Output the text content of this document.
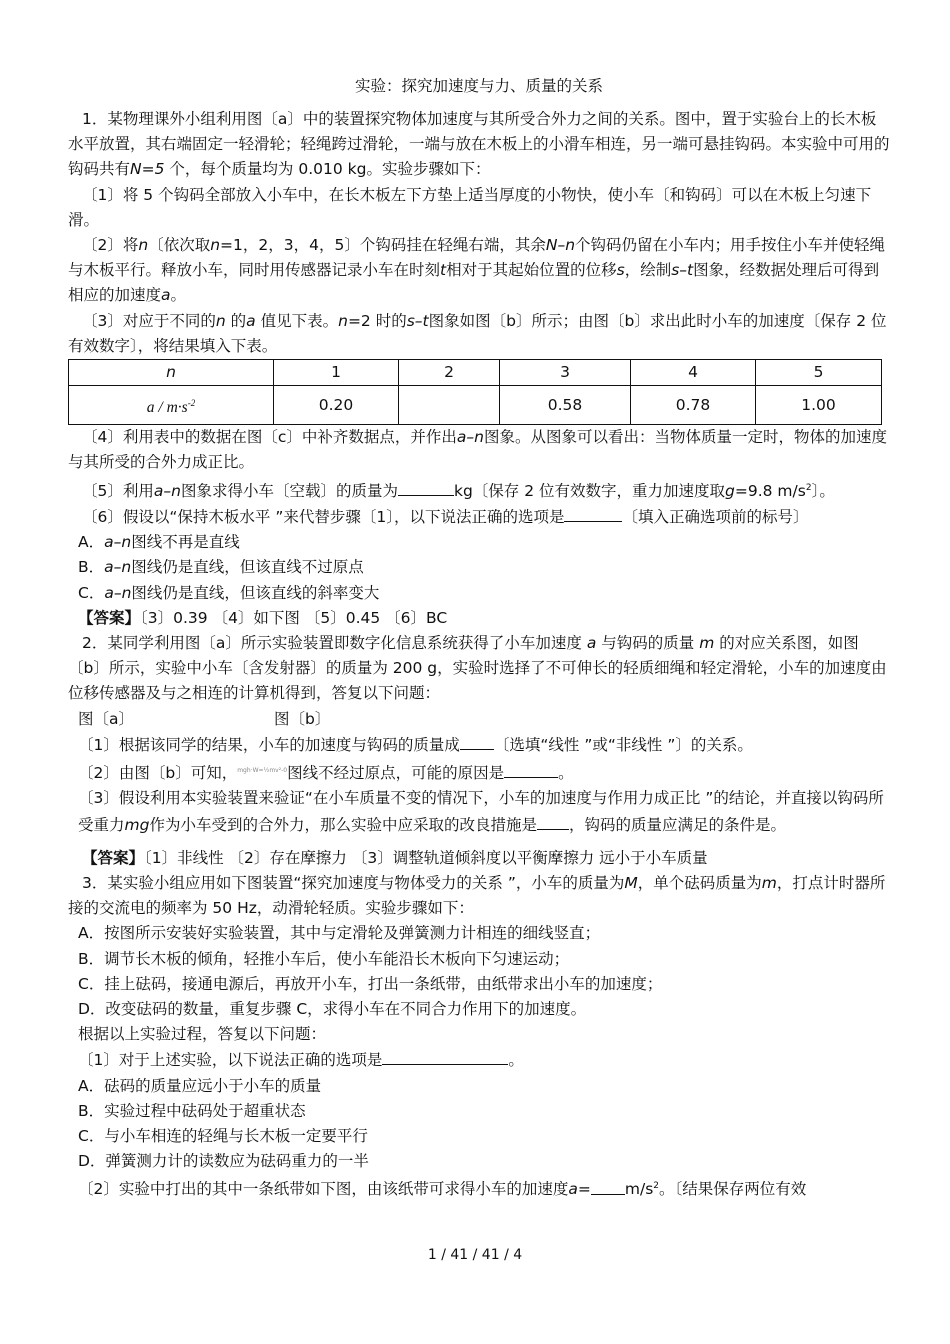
实验：探究加速度与力、质量的关系

1．某物理课外小组利用图〔a〕中的装置探究物体加速度与其所受合外力之间的关系。图中，置于实验台上的长木板水平放置，其右端固定一轻滑轮；轻绳跨过滑轮，一端与放在木板上的小滑车相连，另一端可悬挂钩码。本实验中可用的钩码共有N=5 个，每个质量均为 0.010 kg。实验步骤如下：

〔1〕将 5 个钩码全部放入小车中，在长木板左下方垫上适当厚度的小物快，使小车〔和钩码〕可以在木板上匀速下滑。

〔2〕将n〔依次取n=1，2，3，4，5〕个钩码挂在轻绳右端，其余N–n个钩码仍留在小车内；用手按住小车并使轻绳与木板平行。释放小车，同时用传感器记录小车在时刻t相对于其起始位置的位移s，绘制s–t图象，经数据处理后可得到相应的加速度a。

〔3〕对应于不同的n 的a 值见下表。n=2 时的s–t图象如图〔b〕所示；由图〔b〕求出此时小车的加速度〔保存 2 位有效数字〕，将结果填入下表。

n	1	2	3	4	5
$a / m\cdot s^{-2}$	0.20		0.58	0.78	1.00

〔4〕利用表中的数据在图〔c〕中补齐数据点，并作出a–n图象。从图象可以看出：当物体质量一定时，物体的加速度与其所受的合外力成正比。

〔5〕利用a–n图象求得小车〔空载〕的质量为	kg〔保存 2 位有效数字，重力加速度取g=9.8 $m/s^2$〕。

〔6〕假设以“保持木板水平 ”来代替步骤〔1〕，以下说法正确的选项是	〔填入正确选项前的标号〕

A．a–n图线不再是直线

B．a–n图线仍是直线，但该直线不过原点

C．a–n图线仍是直线，但该直线的斜率变大

【答案】〔3〕0.39 〔4〕如下图 〔5〕0.45 〔6〕BC

2．某同学利用图〔a〕所示实验装置即数字化信息系统获得了小车加速度 a 与钩码的质量 m 的对应关系图，如图〔b〕所示，实验中小车〔含发射器〕的质量为 200 g，实验时选择了不可伸长的轻质细绳和轻定滑轮，小车的加速度由位移传感器及与之相连的计算机得到，答复以下问题：

图〔a〕	图〔b〕

〔1〕根据该同学的结果，小车的加速度与钩码的质量成 〔选填“线性 ”或“非线性 ”〕的关系。

〔2〕由图〔b〕可知，$^{mgh\cdot W=\frac{1}{2}mv^2-0}$图线不经过原点，可能的原因是	。

〔3〕假设利用本实验装置来验证“在小车质量不变的情况下，小车的加速度与作用力成正比 ”的结论，并直接以钩码所受重力mg作为小车受到的合外力，那么实验中应采取的改良措施是 ，钩码的质量应满足的条件是。

【答案】〔1〕非线性 〔2〕存在摩擦力 〔3〕调整轨道倾斜度以平衡摩擦力 远小于小车质量

3．某实验小组应用如下图装置“探究加速度与物体受力的关系 ”，小车的质量为M，单个砝码质量为m，打点计时器所接的交流电的频率为 50 Hz，动滑轮轻质。实验步骤如下：

A．按图所示安装好实验装置，其中与定滑轮及弹簧测力计相连的细线竖直；

B．调节长木板的倾角，轻推小车后，使小车能沿长木板向下匀速运动；

C．挂上砝码，接通电源后，再放开小车，打出一条纸带，由纸带求出小车的加速度；

D．改变砝码的数量，重复步骤 C，求得小车在不同合力作用下的加速度。

根据以上实验过程，答复以下问题：

〔1〕对于上述实验，以下说法正确的选项是	。

A．砝码的质量应远小于小车的质量

B．实验过程中砝码处于超重状态

C．与小车相连的轻绳与长木板一定要平行

D．弹簧测力计的读数应为砝码重力的一半

〔2〕实验中打出的其中一条纸带如下图，由该纸带可求得小车的加速度$a= m/s^2$。〔结果保存两位有效

1 / 41 / 41 / 4
